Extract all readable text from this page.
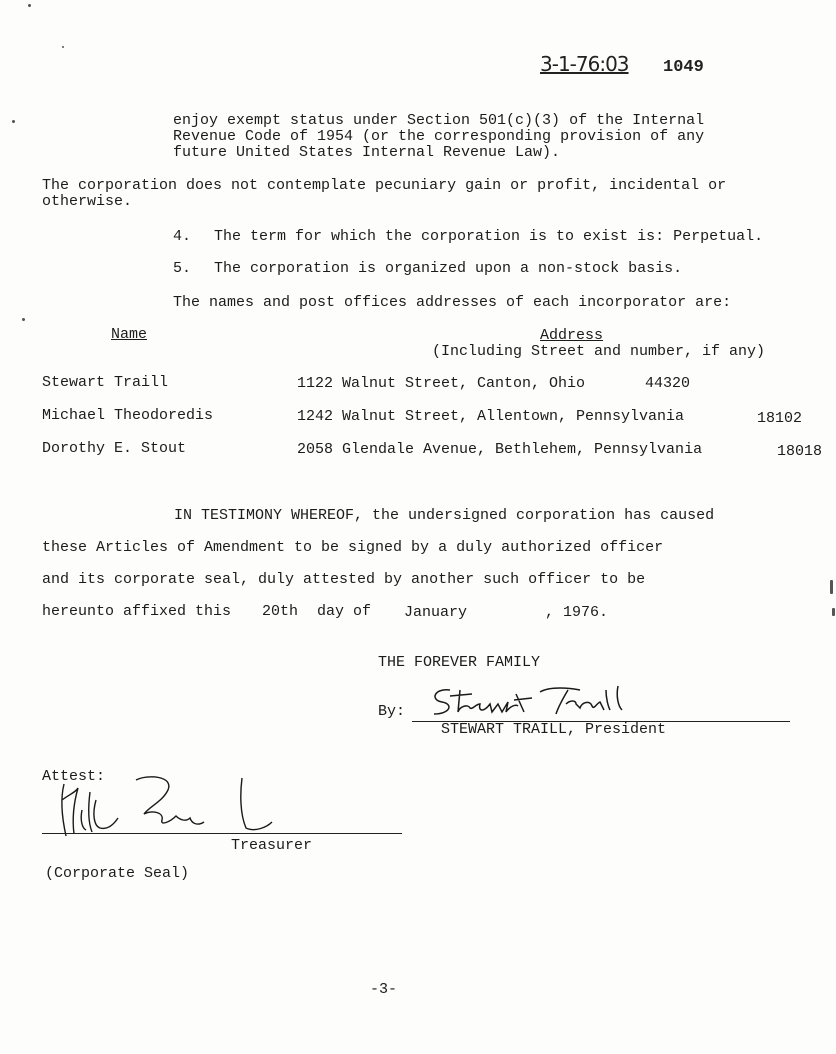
3-1-76:03 1049
enjoy exempt status under Section 501(c)(3) of the Internal
Revenue Code of 1954 (or the corresponding provision of any
future United States Internal Revenue Law).
The corporation does not contemplate pecuniary gain or profit, incidental or
otherwise.
4. The term for which the corporation is to exist is: Perpetual.
5. The corporation is organized upon a non-stock basis.
The names and post offices addresses of each incorporator are:
Name	Address
(Including Street and number, if any)
Stewart Traill	1122 Walnut Street, Canton, Ohio	44320
Michael Theodoredis	1242 Walnut Street, Allentown, Pennsylvania	18102
Dorothy E. Stout	2058 Glendale Avenue, Bethlehem, Pennsylvania	18018
IN TESTIMONY WHEREOF, the undersigned corporation has caused
these Articles of Amendment to be signed by a duly authorized officer
and its corporate seal, duly attested by another such officer to be
hereunto affixed this 20th day of January	, 1976.
THE FOREVER FAMILY
By:
STEWART TRAILL, President
Attest:
Treasurer
(Corporate Seal)
-3-
